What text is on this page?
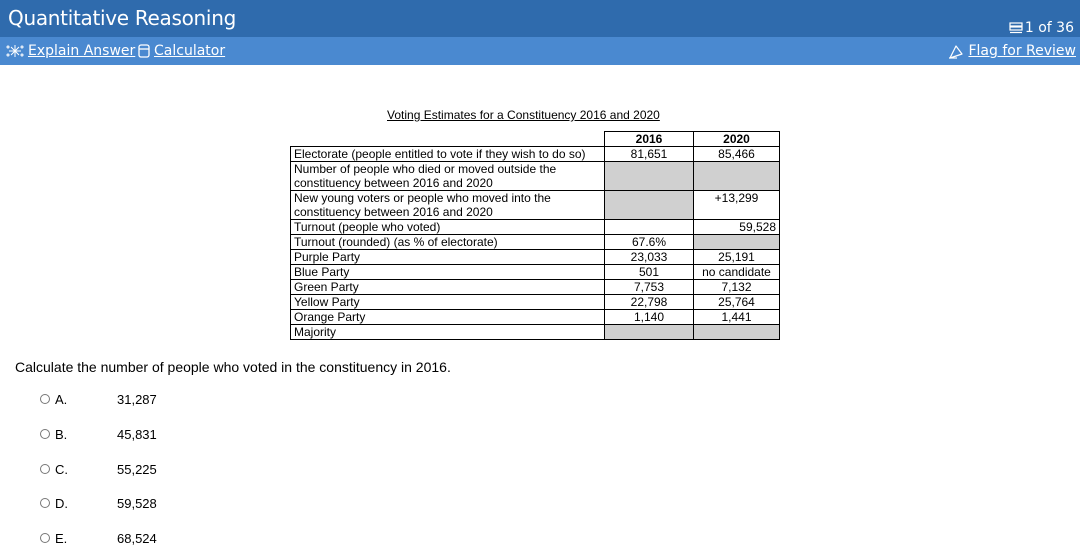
Quantitative Reasoning	1 of 36
Explain Answer Calculator	Flag for Review
Voting Estimates for a Constituency 2016 and 2020
	2016	2020
Electorate (people entitled to vote if they wish to do so)	81,651	85,466
Number of people who died or moved outside the constituency between 2016 and 2020		
New young voters or people who moved into the constituency between 2016 and 2020		+13,299
Turnout (people who voted)		59,528
Turnout (rounded) (as % of electorate)	67.6%	
Purple Party	23,033	25,191
Blue Party	501	no candidate
Green Party	7,753	7,132
Yellow Party	22,798	25,764
Orange Party	1,140	1,441
Majority		
Calculate the number of people who voted in the constituency in 2016.
A.	31,287
B.	45,831
C.	55,225
D.	59,528
E.	68,524
